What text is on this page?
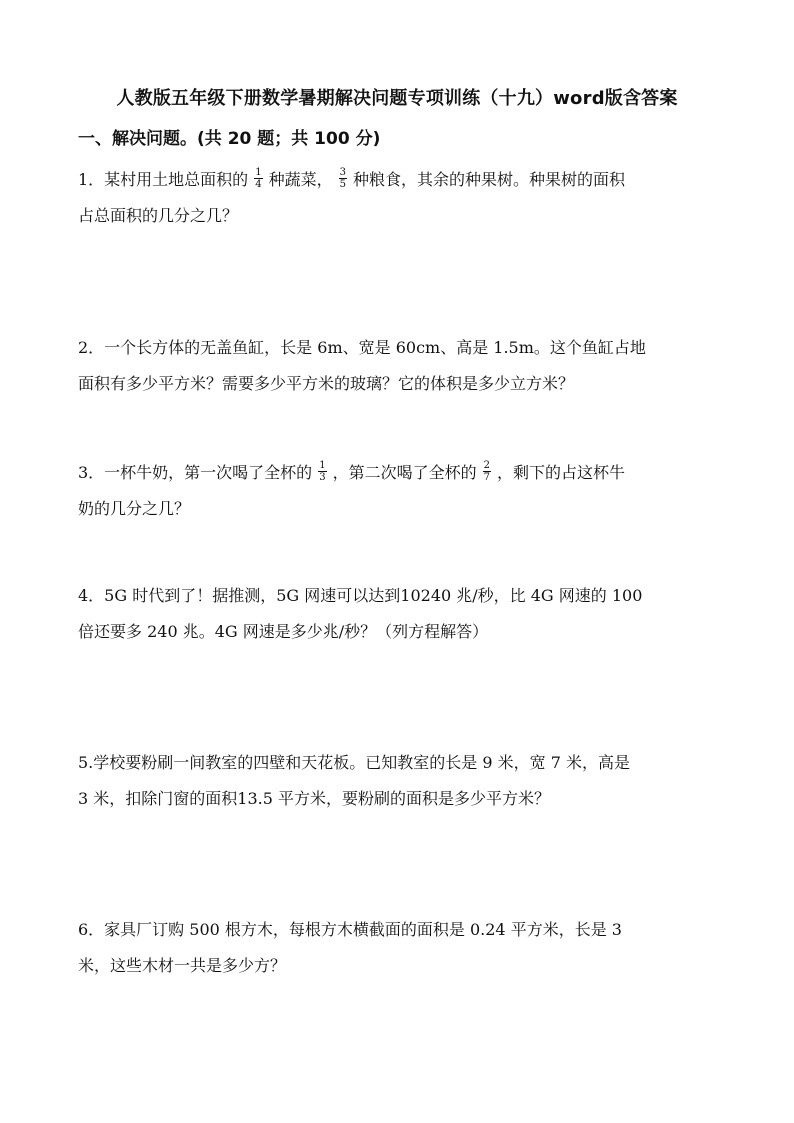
人教版五年级下册数学暑期解决问题专项训练（十九）word版含答案
一、解决问题。(共 20 题；共 100 分)
1．某村用土地总面积的 $\frac{1}{4}$ 种蔬菜， $\frac{3}{5}$ 种粮食，其余的种果树。种果树的面积
占总面积的几分之几？
2．一个长方体的无盖鱼缸，长是 6m、宽是 60cm、高是 1.5m。这个鱼缸占地
面积有多少平方米？需要多少平方米的玻璃？它的体积是多少立方米？
3．一杯牛奶，第一次喝了全杯的 $\frac{1}{3}$ ，第二次喝了全杯的 $\frac{2}{7}$ ，剩下的占这杯牛
奶的几分之几？
4．5G 时代到了！据推测，5G 网速可以达到10240 兆/秒，比 4G 网速的 100
倍还要多 240 兆。4G 网速是多少兆/秒？（列方程解答）
5.学校要粉刷一间教室的四壁和天花板。已知教室的长是 9 米，宽 7 米，高是
3 米，扣除门窗的面积13.5 平方米，要粉刷的面积是多少平方米？
6．家具厂订购 500 根方木，每根方木横截面的面积是 0.24 平方米，长是 3
米，这些木材一共是多少方？
